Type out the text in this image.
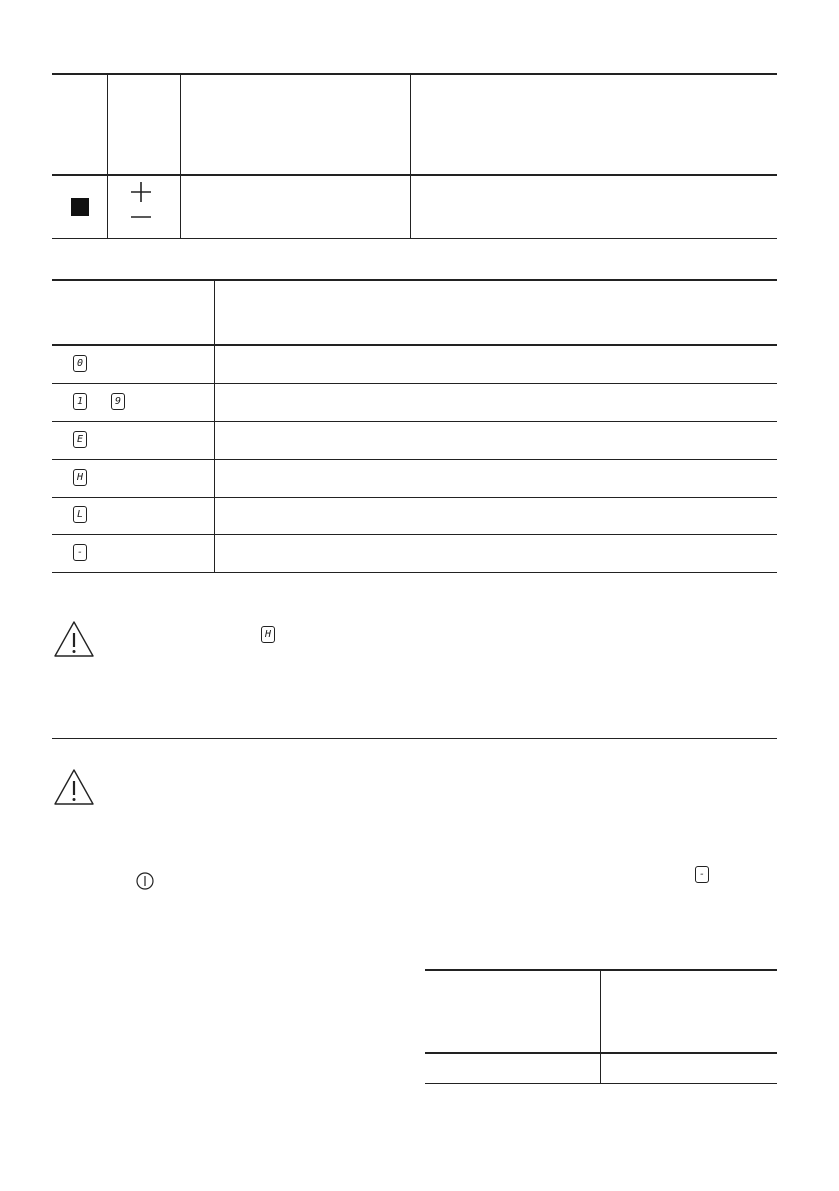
0
1	9
E
H
L
-
H
-
